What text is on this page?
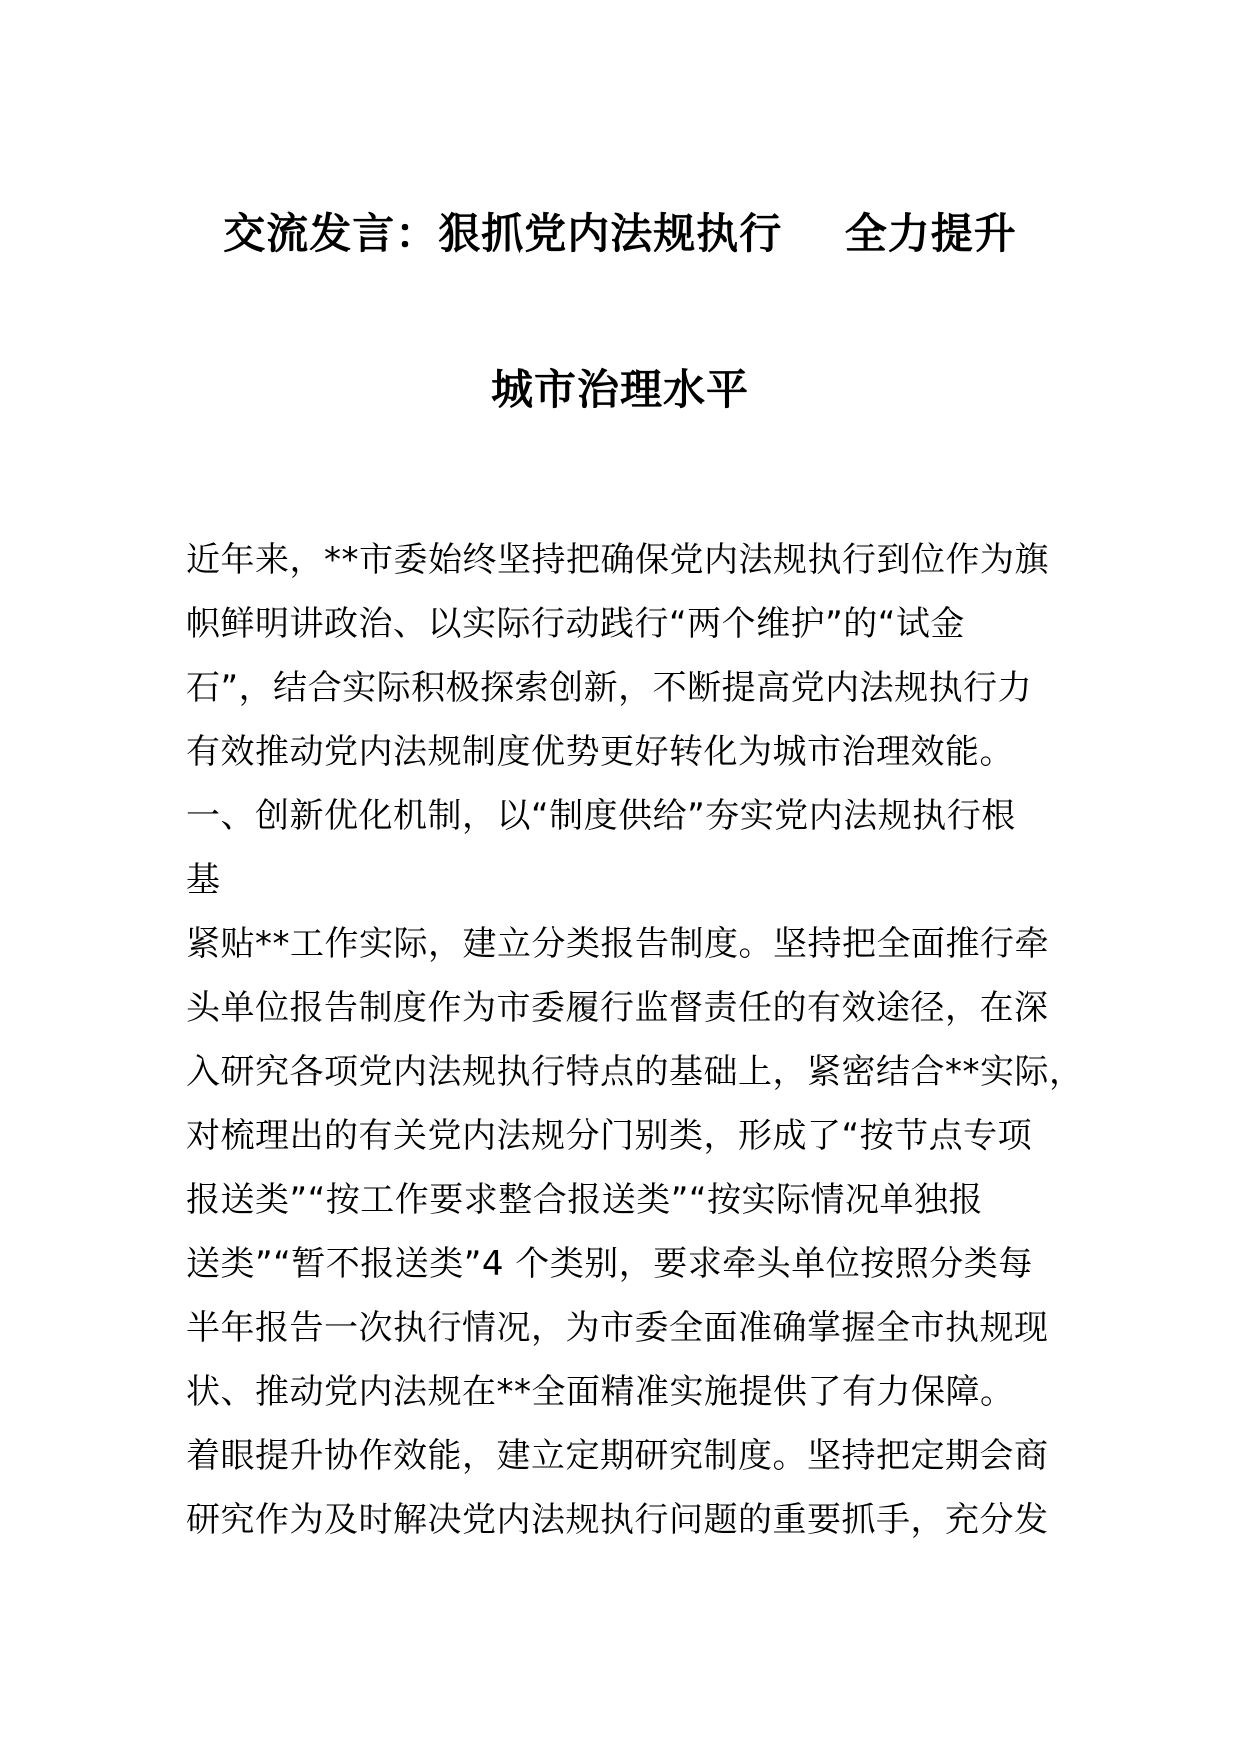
交流发言：狠抓党内法规执行    全力提升
城市治理水平
近年来，**市委始终坚持把确保党内法规执行到位作为旗
帜鲜明讲政治、以实际行动践行“两个维护”的“试金
石”，结合实际积极探索创新，不断提高党内法规执行力
有效推动党内法规制度优势更好转化为城市治理效能。
一、创新优化机制，以“制度供给”夯实党内法规执行根
基
紧贴**工作实际，建立分类报告制度。坚持把全面推行牵
头单位报告制度作为市委履行监督责任的有效途径，在深
入研究各项党内法规执行特点的基础上，紧密结合**实际，
对梳理出的有关党内法规分门别类，形成了“按节点专项
报送类”“按工作要求整合报送类”“按实际情况单独报
送类”“暂不报送类”4 个类别，要求牵头单位按照分类每
半年报告一次执行情况，为市委全面准确掌握全市执规现
状、推动党内法规在**全面精准实施提供了有力保障。
着眼提升协作效能，建立定期研究制度。坚持把定期会商
研究作为及时解决党内法规执行问题的重要抓手，充分发
